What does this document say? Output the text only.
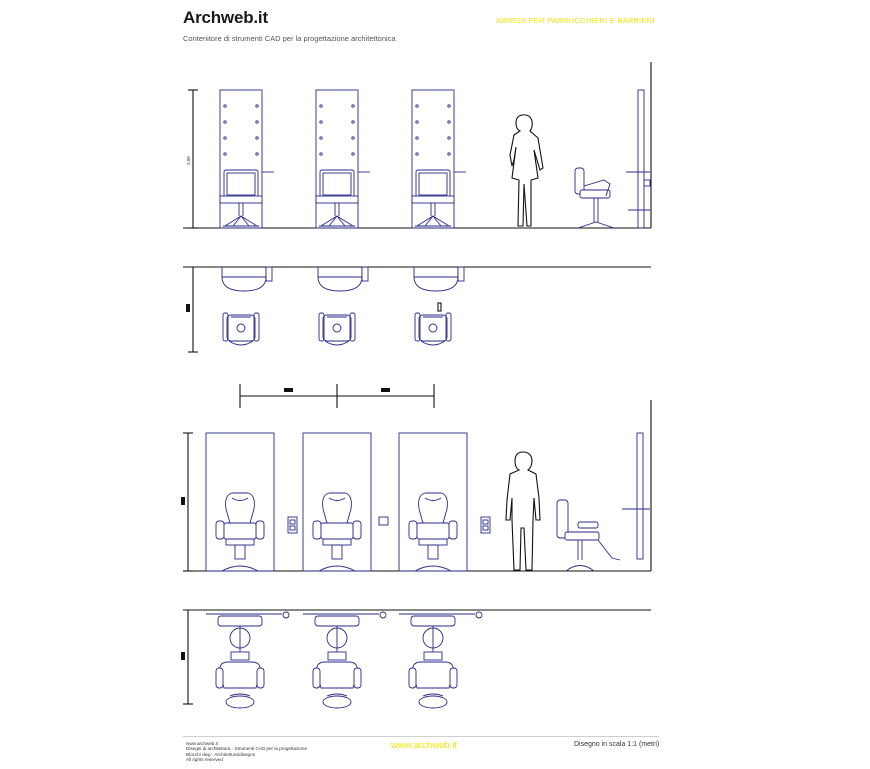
Archweb.it
Contenitore di strumenti CAD per la progettazione architettonica
ARREDI PER PARRUCCHIERI E BARBIERI
2,00
www.archweb.it
Disegni di architettura - Strumenti CAD per la progettazione
Blocchi dwg - Architettura/disegno
All rights reserved
www.archweb.it	Disegno in scala 1:1 (metri)
